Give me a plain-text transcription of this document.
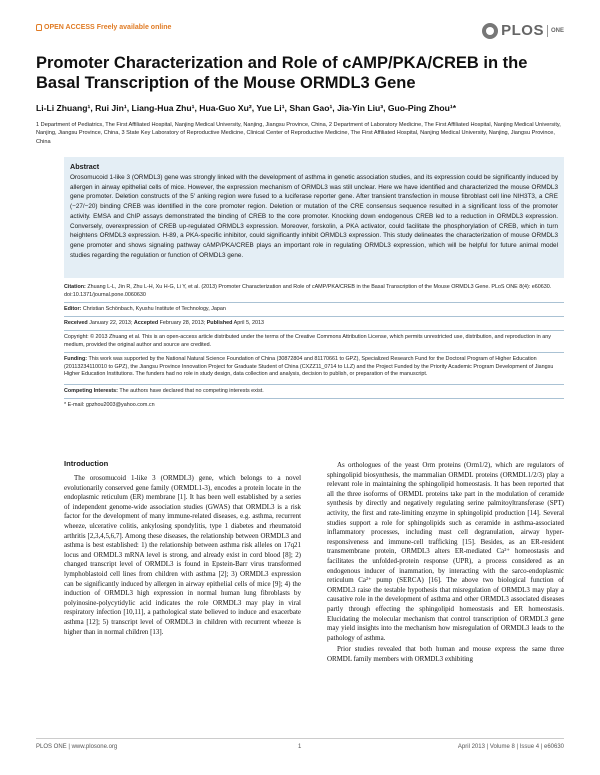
OPEN ACCESS Freely available online	PLOS ONE
Promoter Characterization and Role of cAMP/PKA/CREB in the Basal Transcription of the Mouse ORMDL3 Gene
Li-Li Zhuang¹, Rui Jin¹, Liang-Hua Zhu¹, Hua-Guo Xu², Yue Li¹, Shan Gao¹, Jia-Yin Liu³, Guo-Ping Zhou¹*
1 Department of Pediatrics, The First Affiliated Hospital, Nanjing Medical University, Nanjing, Jiangsu Province, China, 2 Department of Laboratory Medicine, The First Affiliated Hospital, Nanjing Medical University, Nanjing, Jiangsu Province, China, 3 State Key Laboratory of Reproductive Medicine, Clinical Center of Reproductive Medicine, The First Affiliated Hospital, Nanjing Medical University, Nanjing, Jiangsu Province, China
Abstract
Orosomucoid 1-like 3 (ORMDL3) gene was strongly linked with the development of asthma in genetic association studies, and its expression could be significantly induced by allergen in airway epithelial cells of mice. However, the expression mechanism of ORMDL3 was still unclear. Here we have identified and characterized the mouse ORMDL3 gene promoter. Deletion constructs of the 5′ anking region were fused to a luciferase reporter gene. After transient transfection in mouse fibroblast cell line NIH3T3, a CRE (−27/−20) binding CREB was identified in the core promoter region. Deletion or mutation of the CRE consensus sequence resulted in a significant loss of the promoter activity. EMSA and ChIP assays demonstrated the binding of CREB to the core promoter. Knocking down endogenous CREB led to a reduction in ORMDL3 expression. Conversely, overexpression of CREB up-regulated ORMDL3 expression. Moreover, forskolin, a PKA activator, could facilitate the phosphorylation of CREB, which in turn heightens ORMDL3 expression. H-89, a PKA-specific inhibitor, could significantly inhibit ORMDL3 expression. This study delineates the characterization of mouse ORMDL3 gene promoter and shows signaling pathway cAMP/PKA/CREB plays an important role in regulating ORMDL3 expression, which will be helpful for future animal model studies regarding the regulation or function of ORMDL3 gene.
Citation: Zhuang L-L, Jin R, Zhu L-H, Xu H-G, Li Y, et al. (2013) Promoter Characterization and Role of cAMP/PKA/CREB in the Basal Transcription of the Mouse ORMDL3 Gene. PLoS ONE 8(4): e60630. doi:10.1371/journal.pone.0060630
Editor: Christian Schönbach, Kyushu Institute of Technology, Japan
Received January 22, 2013; Accepted February 28, 2013; Published April 5, 2013
Copyright: © 2013 Zhuang et al. This is an open-access article distributed under the terms of the Creative Commons Attribution License, which permits unrestricted use, distribution, and reproduction in any medium, provided the original author and source are credited.
Funding: This work was supported by the National Natural Science Foundation of China (30872804 and 81170661 to GPZ), Specialized Research Fund for the Doctoral Program of Higher Education (20113234110010 to GPZ), the Jiangsu Province Innovation Project for Graduate Student of China (CXZZ11_0714 to LLZ) and the Project Funded by the Priority Academic Program Development of Jiangsu Higher Education Institutions. The funders had no role in study design, data collection and analysis, decision to publish, or preparation of the manuscript.
Competing Interests: The authors have declared that no competing interests exist.
* E-mail: gpzhou2003@yahoo.com.cn
Introduction

The orosomucoid 1-like 3 (ORMDL3) gene, which belongs to a novel evolutionarily conserved gene family (ORMDL1-3), encodes a protein locate in the endoplasmic reticulum (ER) membrane [1]. It has been well established by a series of independent genome-wide association studies (GWAS) that ORMDL3 is a risk factor for the development of many immune-related diseases, e.g. asthma, recurrent wheeze, ulcerative colitis, ankylosing spondylitis, type 1 diabetes and rheumatoid arthritis [2,3,4,5,6,7]. Among these diseases, the relationship between ORMDL3 and asthma is best established: 1) the relationship between asthma risk alleles on 17q21 locus and ORMDL3 mRNA level is strong, and already exist in cord blood [8]; 2) changed transcript level of ORMDL3 is found in Epstein-Barr virus transformed lymphoblastoid cell lines from children with asthma [2]; 3) ORMDL3 expression can be significantly induced by allergen in airway epithelial cells of mice [9]; 4) the induction of ORMDL3 high expression in normal human lung fibroblasts by polyinosine-polycytidylic acid indicates the role ORMDL3 may play in viral respiratory infection [10,11], a pathological state believed to induce and exacerbate asthma [12]; 5) transcript level of ORMDL3 in children with recurrent wheeze is higher than in normal children [13].

As orthologues of the yeast Orm proteins (Orm1/2), which are regulators of sphingolipid biosynthesis, the mammalian ORMDL proteins (ORMDL1/2/3) play a relevant role in maintaining the sphingolipid homeostasis. It has been reported that all the three isoforms of ORMDL proteins take part in the modulation of ceramide synthesis by directly and negatively regulating serine palmitoyltransferase (SPT) activity, the first and rate-limiting enzyme in sphingolipid production [14]. Several studies support a role for sphingolipids such as ceramide in asthma-associated inflammatory processes, including mast cell degranulation, airway hyper-responsiveness and immune-cell trafficking [15]. Besides, as an ER-resident transmembrane protein, ORMDL3 alters ER-mediated Ca²⁺ homeostasis and facilitates the unfolded-protein response (UPR), a process considered as an endogenous inducer of inammation, by interacting with the sarco-endoplasmic reticulum Ca²⁺ pump (SERCA) [16]. The above two biological function of ORMDL3 raise the testable hypothesis that misregulation of ORMDL3 may play a causative role in the development of asthma and other ORMDL3 associated diseases partly through effecting the sphingolipid homeostasis and ER homeostasis. Elucidating the molecular mechanism that control transcription of ORMDL3 gene may yield insights into the mechanism how misregulation of ORMDL3 leads to the pathology of asthma.

Prior studies revealed that both human and mouse express the same three ORMDL family members with ORMDL3 exhibiting

PLOS ONE | www.plosone.org	1	April 2013 | Volume 8 | Issue 4 | e60630
